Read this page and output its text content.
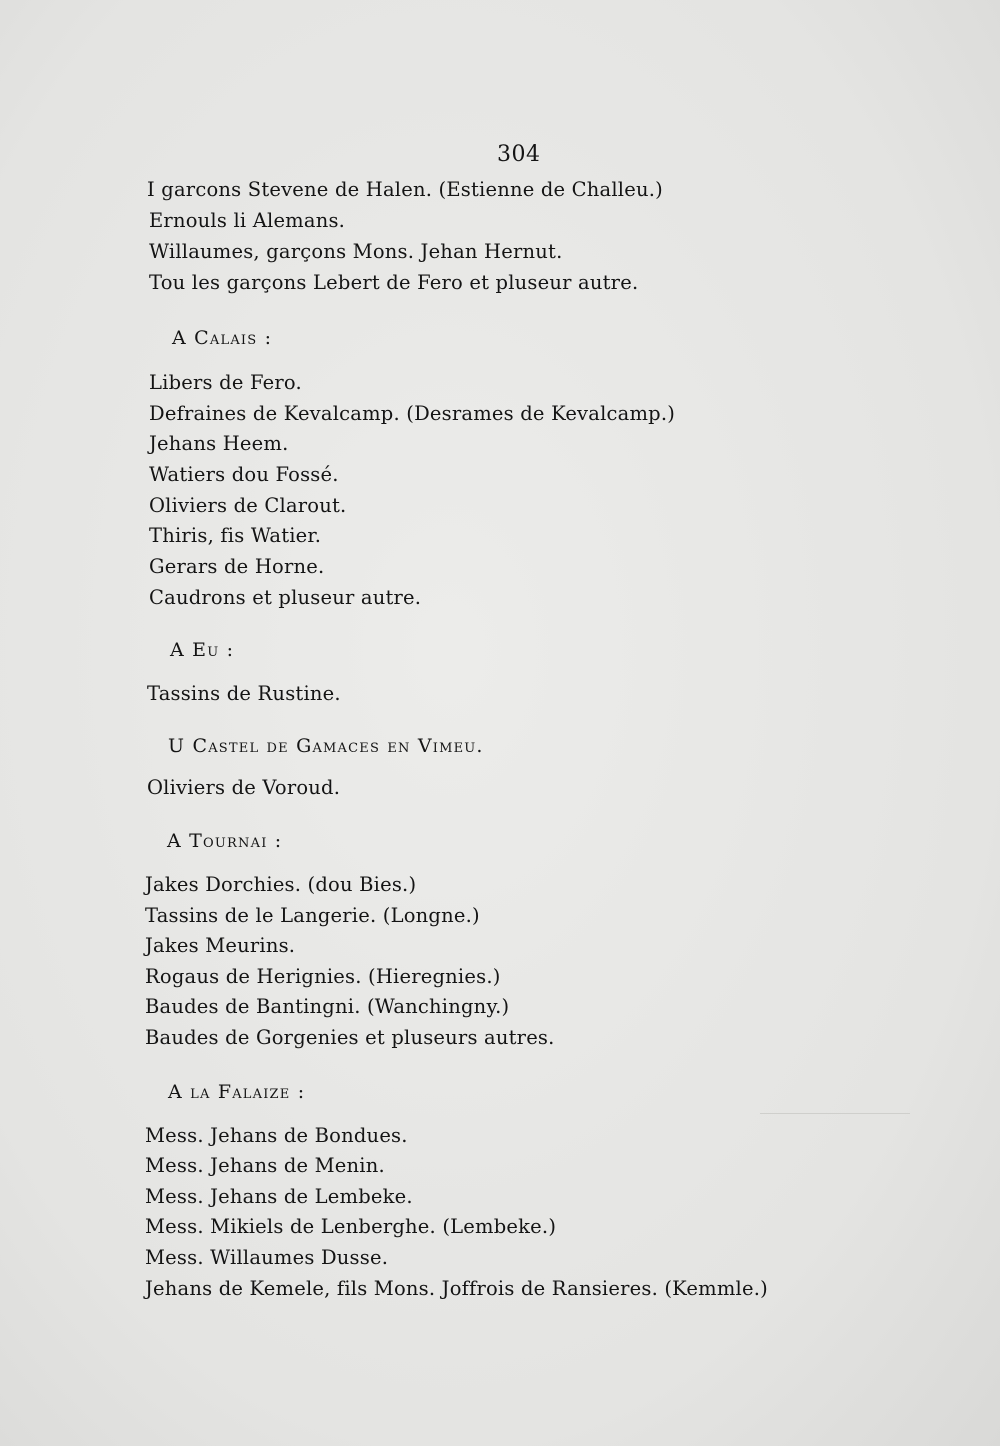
304
I garcons Stevene de Halen. (Estienne de Challeu.)
Ernouls li Alemans.
Willaumes, garçons Mons. Jehan Hernut.
Tou les garçons Lebert de Fero et pluseur autre.
A Calais :
Libers de Fero.
Defraines de Kevalcamp. (Desrames de Kevalcamp.)
Jehans Heem.
Watiers dou Fossé.
Oliviers de Clarout.
Thiris, fis Watier.
Gerars de Horne.
Caudrons et pluseur autre.
A Eu :
Tassins de Rustine.
U Castel de Gamaces en Vimeu.
Oliviers de Voroud.
A Tournai :
Jakes Dorchies. (dou Bies.)
Tassins de le Langerie. (Longne.)
Jakes Meurins.
Rogaus de Herignies. (Hieregnies.)
Baudes de Bantingni. (Wanchingny.)
Baudes de Gorgenies et pluseurs autres.
A la Falaize :
Mess. Jehans de Bondues.
Mess. Jehans de Menin.
Mess. Jehans de Lembeke.
Mess. Mikiels de Lenberghe. (Lembeke.)
Mess. Willaumes Dusse.
Jehans de Kemele, fils Mons. Joffrois de Ransieres. (Kemmle.)
